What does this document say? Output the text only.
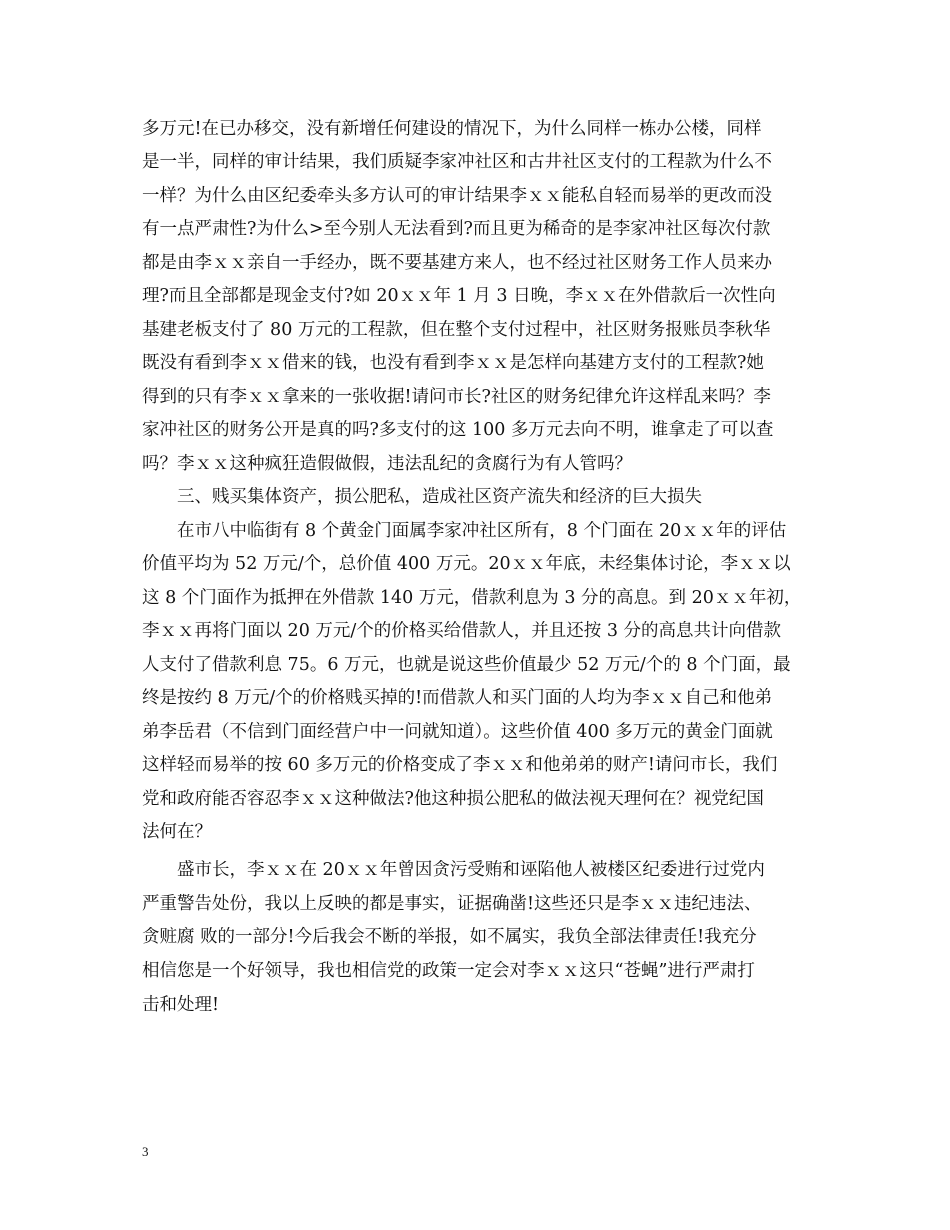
多万元!在已办移交，没有新增任何建设的情况下，为什么同样一栋办公楼，同样
是一半，同样的审计结果，我们质疑李家冲社区和古井社区支付的工程款为什么不
一样？为什么由区纪委牵头多方认可的审计结果李ｘｘ能私自轻而易举的更改而没
有一点严肃性?为什么>至今别人无法看到?而且更为稀奇的是李家冲社区每次付款
都是由李ｘｘ亲自一手经办，既不要基建方来人，也不经过社区财务工作人员来办
理?而且全部都是现金支付?如 20ｘｘ年 1 月 3 日晚，李ｘｘ在外借款后一次性向
基建老板支付了 80 万元的工程款，但在整个支付过程中，社区财务报账员李秋华
既没有看到李ｘｘ借来的钱，也没有看到李ｘｘ是怎样向基建方支付的工程款?她
得到的只有李ｘｘ拿来的一张收据!请问市长?社区的财务纪律允许这样乱来吗？李
家冲社区的财务公开是真的吗?多支付的这 100 多万元去向不明，谁拿走了可以查
吗？李ｘｘ这种疯狂造假做假，违法乱纪的贪腐行为有人管吗？
三、贱买集体资产，损公肥私，造成社区资产流失和经济的巨大损失
在市八中临街有 8 个黄金门面属李家冲社区所有，8 个门面在 20ｘｘ年的评估
价值平均为 52 万元/个，总价值 400 万元。20ｘｘ年底，未经集体讨论，李ｘｘ以
这 8 个门面作为抵押在外借款 140 万元，借款利息为 3 分的高息。到 20ｘｘ年初，
李ｘｘ再将门面以 20 万元/个的价格买给借款人，并且还按 3 分的高息共计向借款
人支付了借款利息 75。6 万元，也就是说这些价值最少 52 万元/个的 8 个门面，最
终是按约 8 万元/个的价格贱买掉的!而借款人和买门面的人均为李ｘｘ自己和他弟
弟李岳君（不信到门面经营户中一问就知道）。这些价值 400 多万元的黄金门面就
这样轻而易举的按 60 多万元的价格变成了李ｘｘ和他弟弟的财产!请问市长，我们
党和政府能否容忍李ｘｘ这种做法?他这种损公肥私的做法视天理何在？视党纪国
法何在？
盛市长，李ｘｘ在 20ｘｘ年曾因贪污受贿和诬陷他人被楼区纪委进行过党内
严重警告处份，我以上反映的都是事实，证据确凿!这些还只是李ｘｘ违纪违法、
贪赃腐 败的一部分!今后我会不断的举报，如不属实，我负全部法律责任!我充分
相信您是一个好领导，我也相信党的政策一定会对李ｘｘ这只“苍蝇”进行严肃打
击和处理!
3
